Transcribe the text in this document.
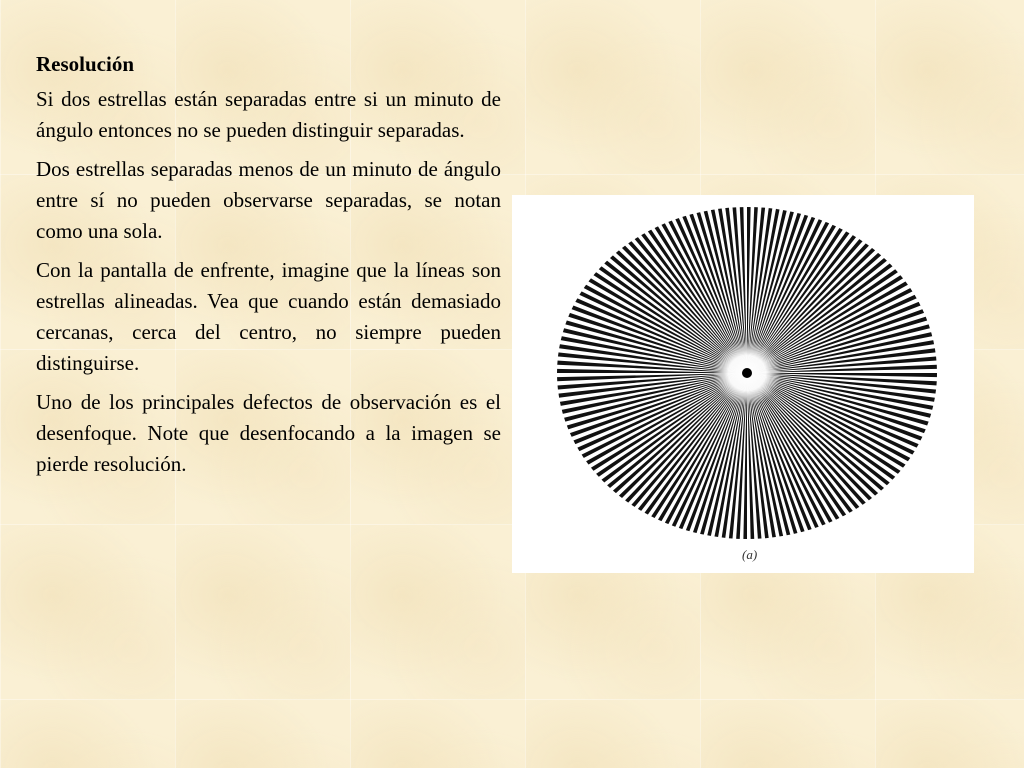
Resolución

Si dos estrellas están separadas entre si un minuto de ángulo entonces no se pueden distinguir separadas.

Dos estrellas separadas menos de un minuto de ángulo entre sí no pueden observarse separadas, se notan como una sola.

Con la pantalla de enfrente, imagine que la líneas son estrellas alineadas. Vea que cuando están demasiado cercanas, cerca del centro, no siempre pueden distinguirse.

Uno de los principales defectos de observación es el desenfoque. Note que desenfocando a la imagen se pierde resolución.

(a)
